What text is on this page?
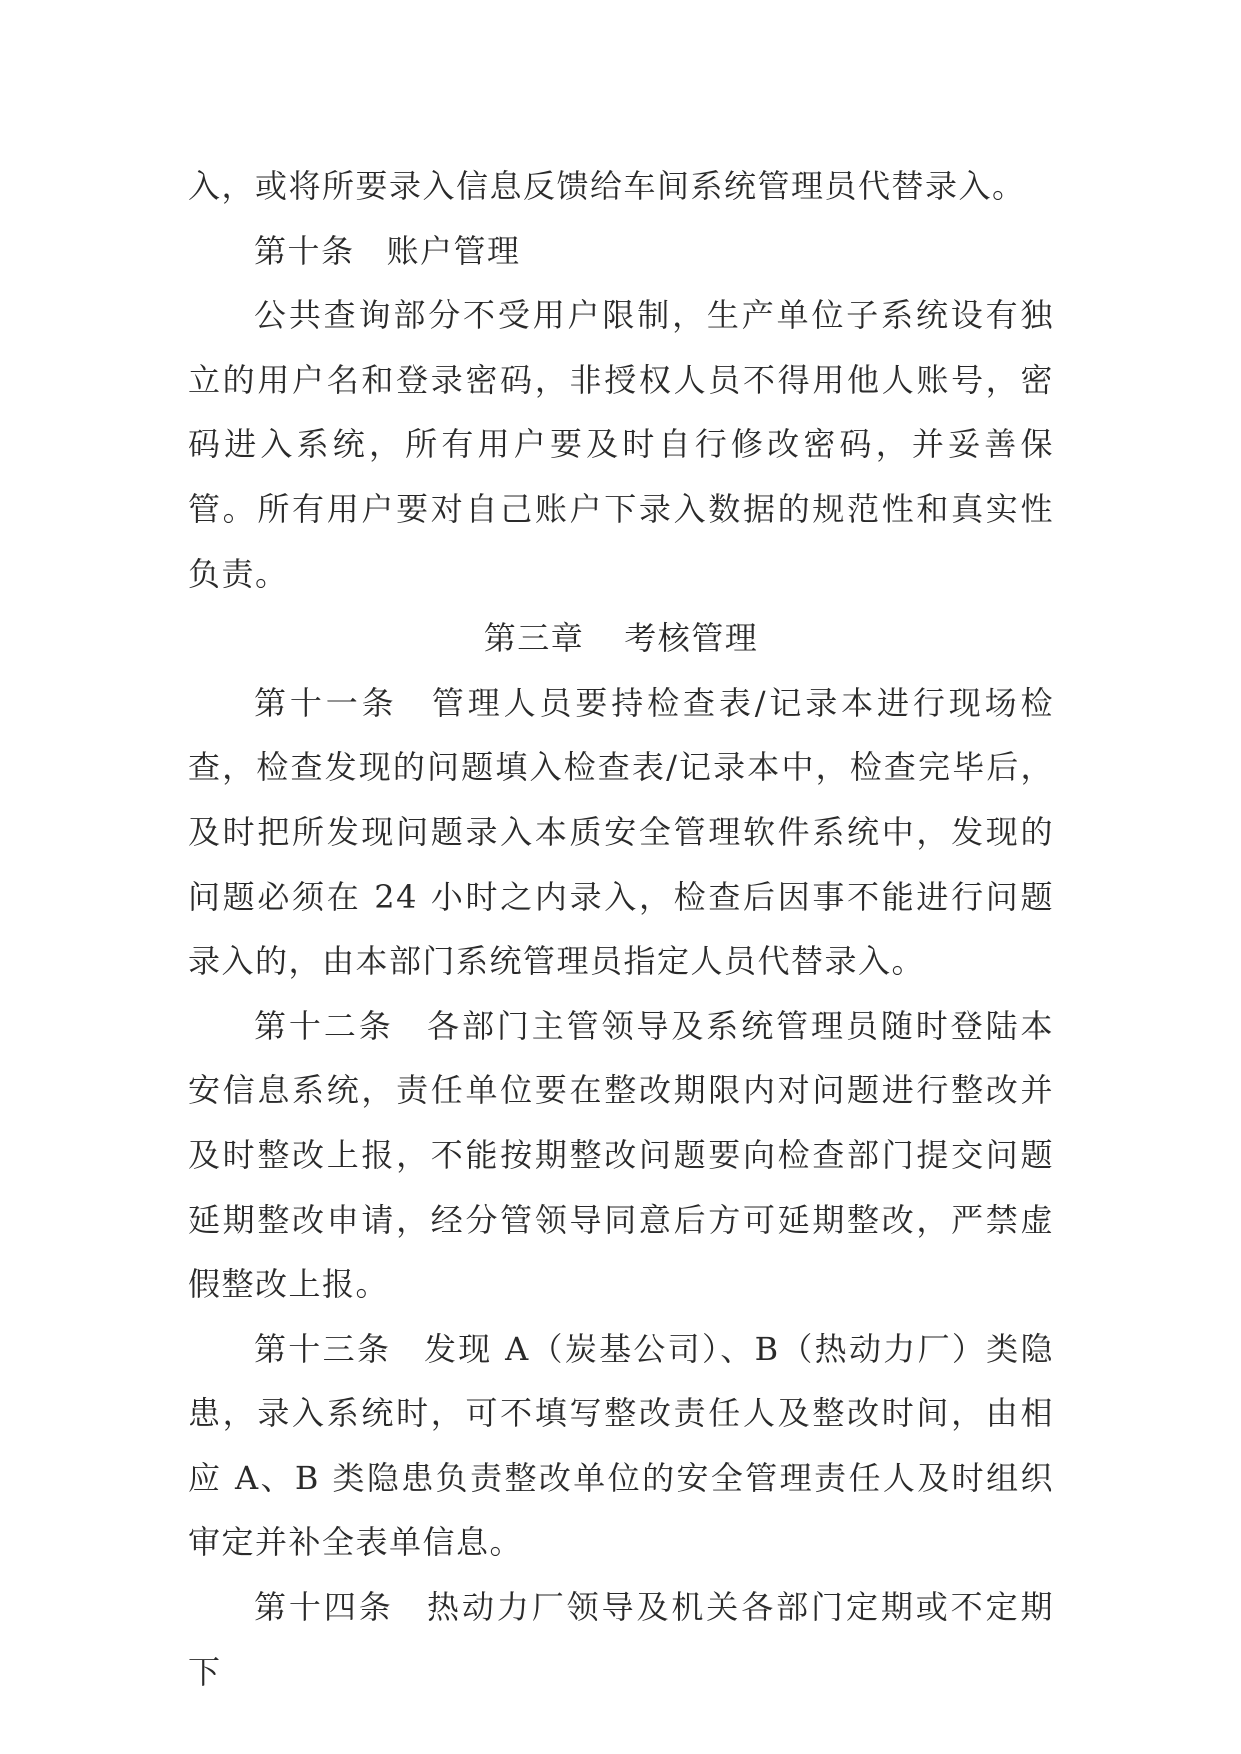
入，或将所要录入信息反馈给车间系统管理员代替录入。

第十条 账户管理

公共查询部分不受用户限制，生产单位子系统设有独立的用户名和登录密码，非授权人员不得用他人账号，密码进入系统，所有用户要及时自行修改密码，并妥善保管。所有用户要对自己账户下录入数据的规范性和真实性负责。

第三章 考核管理

第十一条 管理人员要持检查表/记录本进行现场检查，检查发现的问题填入检查表/记录本中，检查完毕后，及时把所发现问题录入本质安全管理软件系统中，发现的问题必须在 24 小时之内录入，检查后因事不能进行问题录入的，由本部门系统管理员指定人员代替录入。

第十二条 各部门主管领导及系统管理员随时登陆本安信息系统，责任单位要在整改期限内对问题进行整改并及时整改上报，不能按期整改问题要向检查部门提交问题延期整改申请，经分管领导同意后方可延期整改，严禁虚假整改上报。

第十三条 发现 A（炭基公司）、B（热动力厂）类隐患，录入系统时，可不填写整改责任人及整改时间，由相应 A、B 类隐患负责整改单位的安全管理责任人及时组织审定并补全表单信息。

第十四条 热动力厂领导及机关各部门定期或不定期下
